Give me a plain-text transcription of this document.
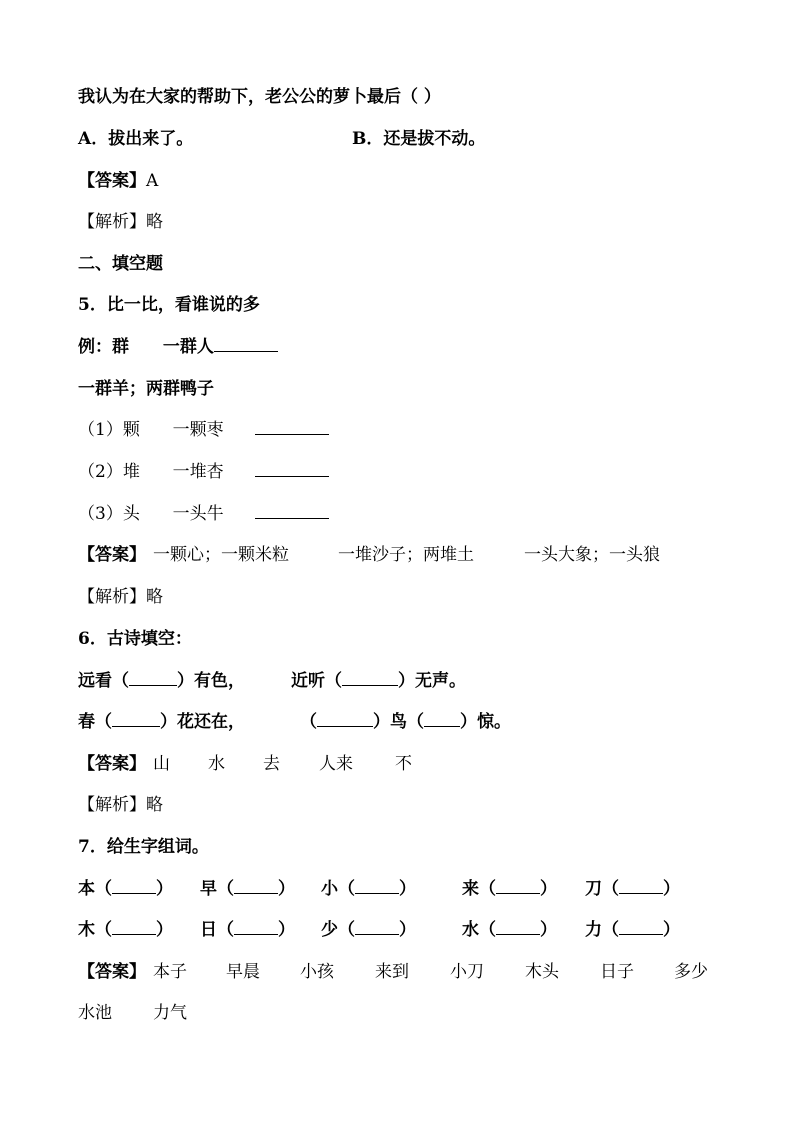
我认为在大家的帮助下，老公公的萝卜最后（ ）
A．拔出来了。	B．还是拔不动。
【答案】A
【解析】略
二、填空题
5．比一比，看谁说的多
例：群 一群人
一群羊；两群鸭子
（1）颗 一颗枣
（2）堆 一堆杏
（3）头 一头牛
【答案】 一颗心；一颗米粒	一堆沙子；两堆土	一头大象；一头狼
【解析】略
6．古诗填空：
远看（	）有色，	近听（	）无声。
春（	）花还在，	（	）鸟（ ）惊。
【答案】 山 水 去 人来 不
【解析】略
7．给生字组词。
本（	） 早（	） 小（	）	来（	） 刀（	）
木（	） 日（	） 少（	）	水（	） 力（	）
【答案】 本子 早晨 小孩 来到 小刀 木头 日子 多少
水池 力气
